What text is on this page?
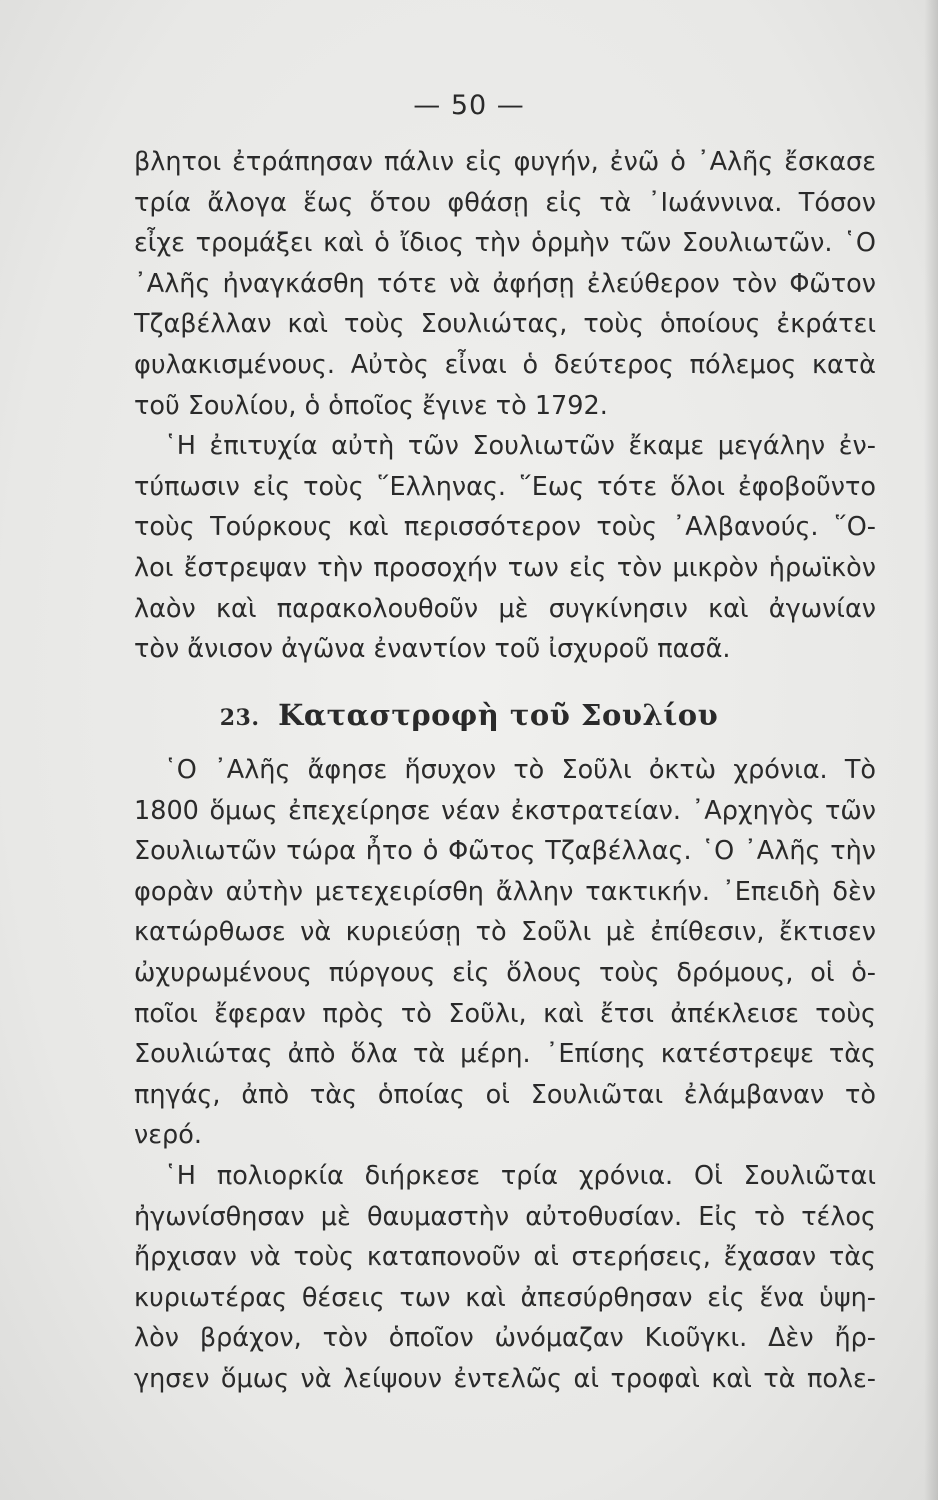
— 50 —
βλητοι ἐτράπησαν πάλιν εἰς φυγήν, ἐνῶ ὁ ᾿Αλῆς ἔσκασε
τρία ἄλογα ἕως ὅτου φθάσῃ εἰς τὰ ᾿Ιωάννινα. Τόσον
εἶχε τρομάξει καὶ ὁ ἴδιος τὴν ὁρμὴν τῶν Σουλιωτῶν. ῾Ο
᾿Αλῆς ἠναγκάσθη τότε νὰ ἀφήσῃ ἐλεύθερον τὸν Φῶτον
Τζαβέλλαν καὶ τοὺς Σουλιώτας, τοὺς ὁποίους ἐκράτει
φυλακισμένους. Αὐτὸς εἶναι ὁ δεύτερος πόλεμος κατὰ
τοῦ Σουλίου, ὁ ὁποῖος ἔγινε τὸ 1792.
῾Η ἐπιτυχία αὐτὴ τῶν Σουλιωτῶν ἔκαμε μεγάλην ἐν-
τύπωσιν εἰς τοὺς ῞Ελληνας. ῞Εως τότε ὅλοι ἐφοβοῦντο
τοὺς Τούρκους καὶ περισσότερον τοὺς ᾿Αλβανούς. ῞Ο-
λοι ἔστρεψαν τὴν προσοχήν των εἰς τὸν μικρὸν ἡρωϊκὸν
λαὸν καὶ παρακολουθοῦν μὲ συγκίνησιν καὶ ἀγωνίαν
τὸν ἄνισον ἀγῶνα ἐναντίον τοῦ ἰσχυροῦ πασᾶ.
23. Καταστροφὴ τοῦ Σουλίου
῾Ο ᾿Αλῆς ἄφησε ἥσυχον τὸ Σοῦλι ὀκτὼ χρόνια. Τὸ
1800 ὅμως ἐπεχείρησε νέαν ἐκστρατείαν. ᾿Αρχηγὸς τῶν
Σουλιωτῶν τώρα ἦτο ὁ Φῶτος Τζαβέλλας. ῾Ο ᾿Αλῆς τὴν
φορὰν αὐτὴν μετεχειρίσθη ἄλλην τακτικήν. ᾿Επειδὴ δὲν
κατώρθωσε νὰ κυριεύσῃ τὸ Σοῦλι μὲ ἐπίθεσιν, ἔκτισεν
ὠχυρωμένους πύργους εἰς ὅλους τοὺς δρόμους, οἱ ὁ-
ποῖοι ἔφεραν πρὸς τὸ Σοῦλι, καὶ ἔτσι ἀπέκλεισε τοὺς
Σουλιώτας ἀπὸ ὅλα τὰ μέρη. ᾿Επίσης κατέστρεψε τὰς
πηγάς, ἀπὸ τὰς ὁποίας οἱ Σουλιῶται ἐλάμβαναν τὸ
νερό.
῾Η πολιορκία διήρκεσε τρία χρόνια. Οἱ Σουλιῶται
ἠγωνίσθησαν μὲ θαυμαστὴν αὐτοθυσίαν. Εἰς τὸ τέλος
ἤρχισαν νὰ τοὺς καταπονοῦν αἱ στερήσεις, ἔχασαν τὰς
κυριωτέρας θέσεις των καὶ ἀπεσύρθησαν εἰς ἕνα ὑψη-
λὸν βράχον, τὸν ὁποῖον ὠνόμαζαν Κιοῦγκι. Δὲν ἤρ-
γησεν ὅμως νὰ λείψουν ἐντελῶς αἱ τροφαὶ καὶ τὰ πολε-
